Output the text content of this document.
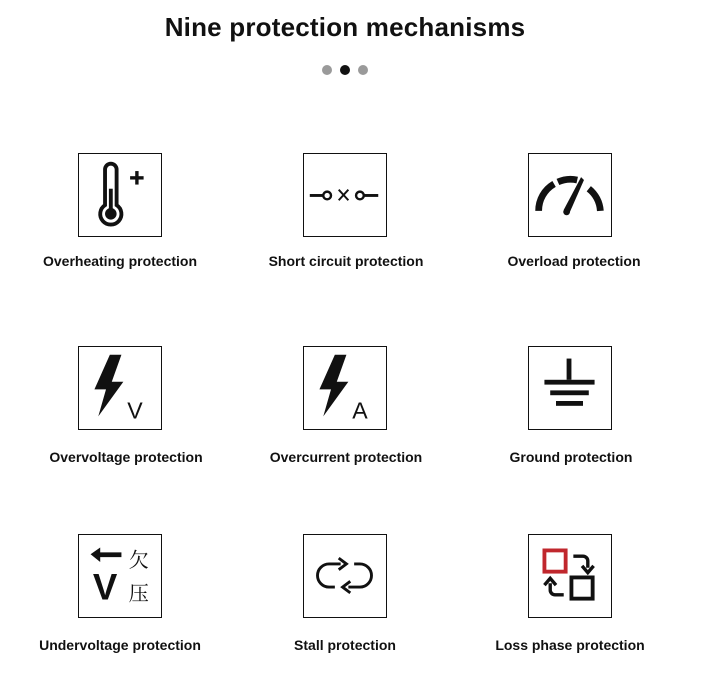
Nine protection mechanisms
Overheating protection	Short circuit protection	Overload protection
V
Overvoltage protection
A
Overcurrent protection	Ground protection
V
欠
压
Undervoltage protection	Stall protection	Loss phase protection
